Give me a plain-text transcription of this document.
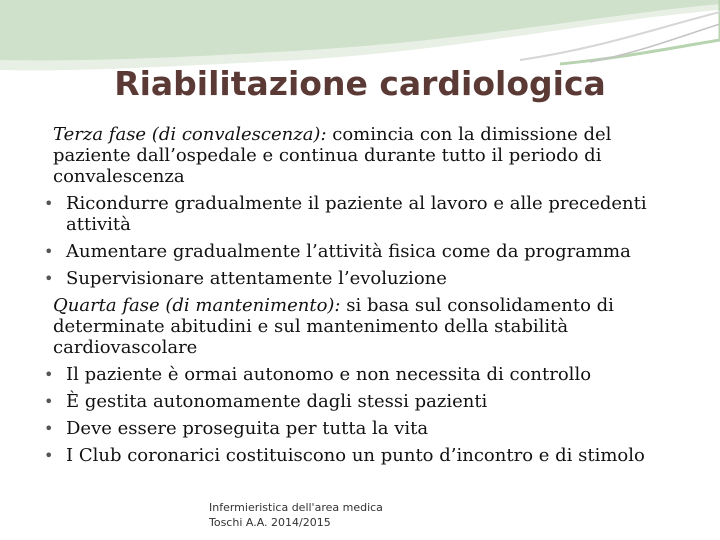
Riabilitazione cardiologica

Terza fase (di convalescenza): comincia con la dimissione del paziente dall’ospedale e continua durante tutto il periodo di convalescenza

• Ricondurre gradualmente il paziente al lavoro e alle precedenti attività
• Aumentare gradualmente l’attività fisica come da programma
• Supervisionare attentamente l’evoluzione

Quarta fase (di mantenimento): si basa sul consolidamento di determinate abitudini e sul mantenimento della stabilità cardiovascolare

• Il paziente è ormai autonomo e non necessita di controllo
• È gestita autonomamente dagli stessi pazienti
• Deve essere proseguita per tutta la vita
• I Club coronarici costituiscono un punto d’incontro e di stimolo
Infermieristica dell'area medica
Toschi A.A. 2014/2015
